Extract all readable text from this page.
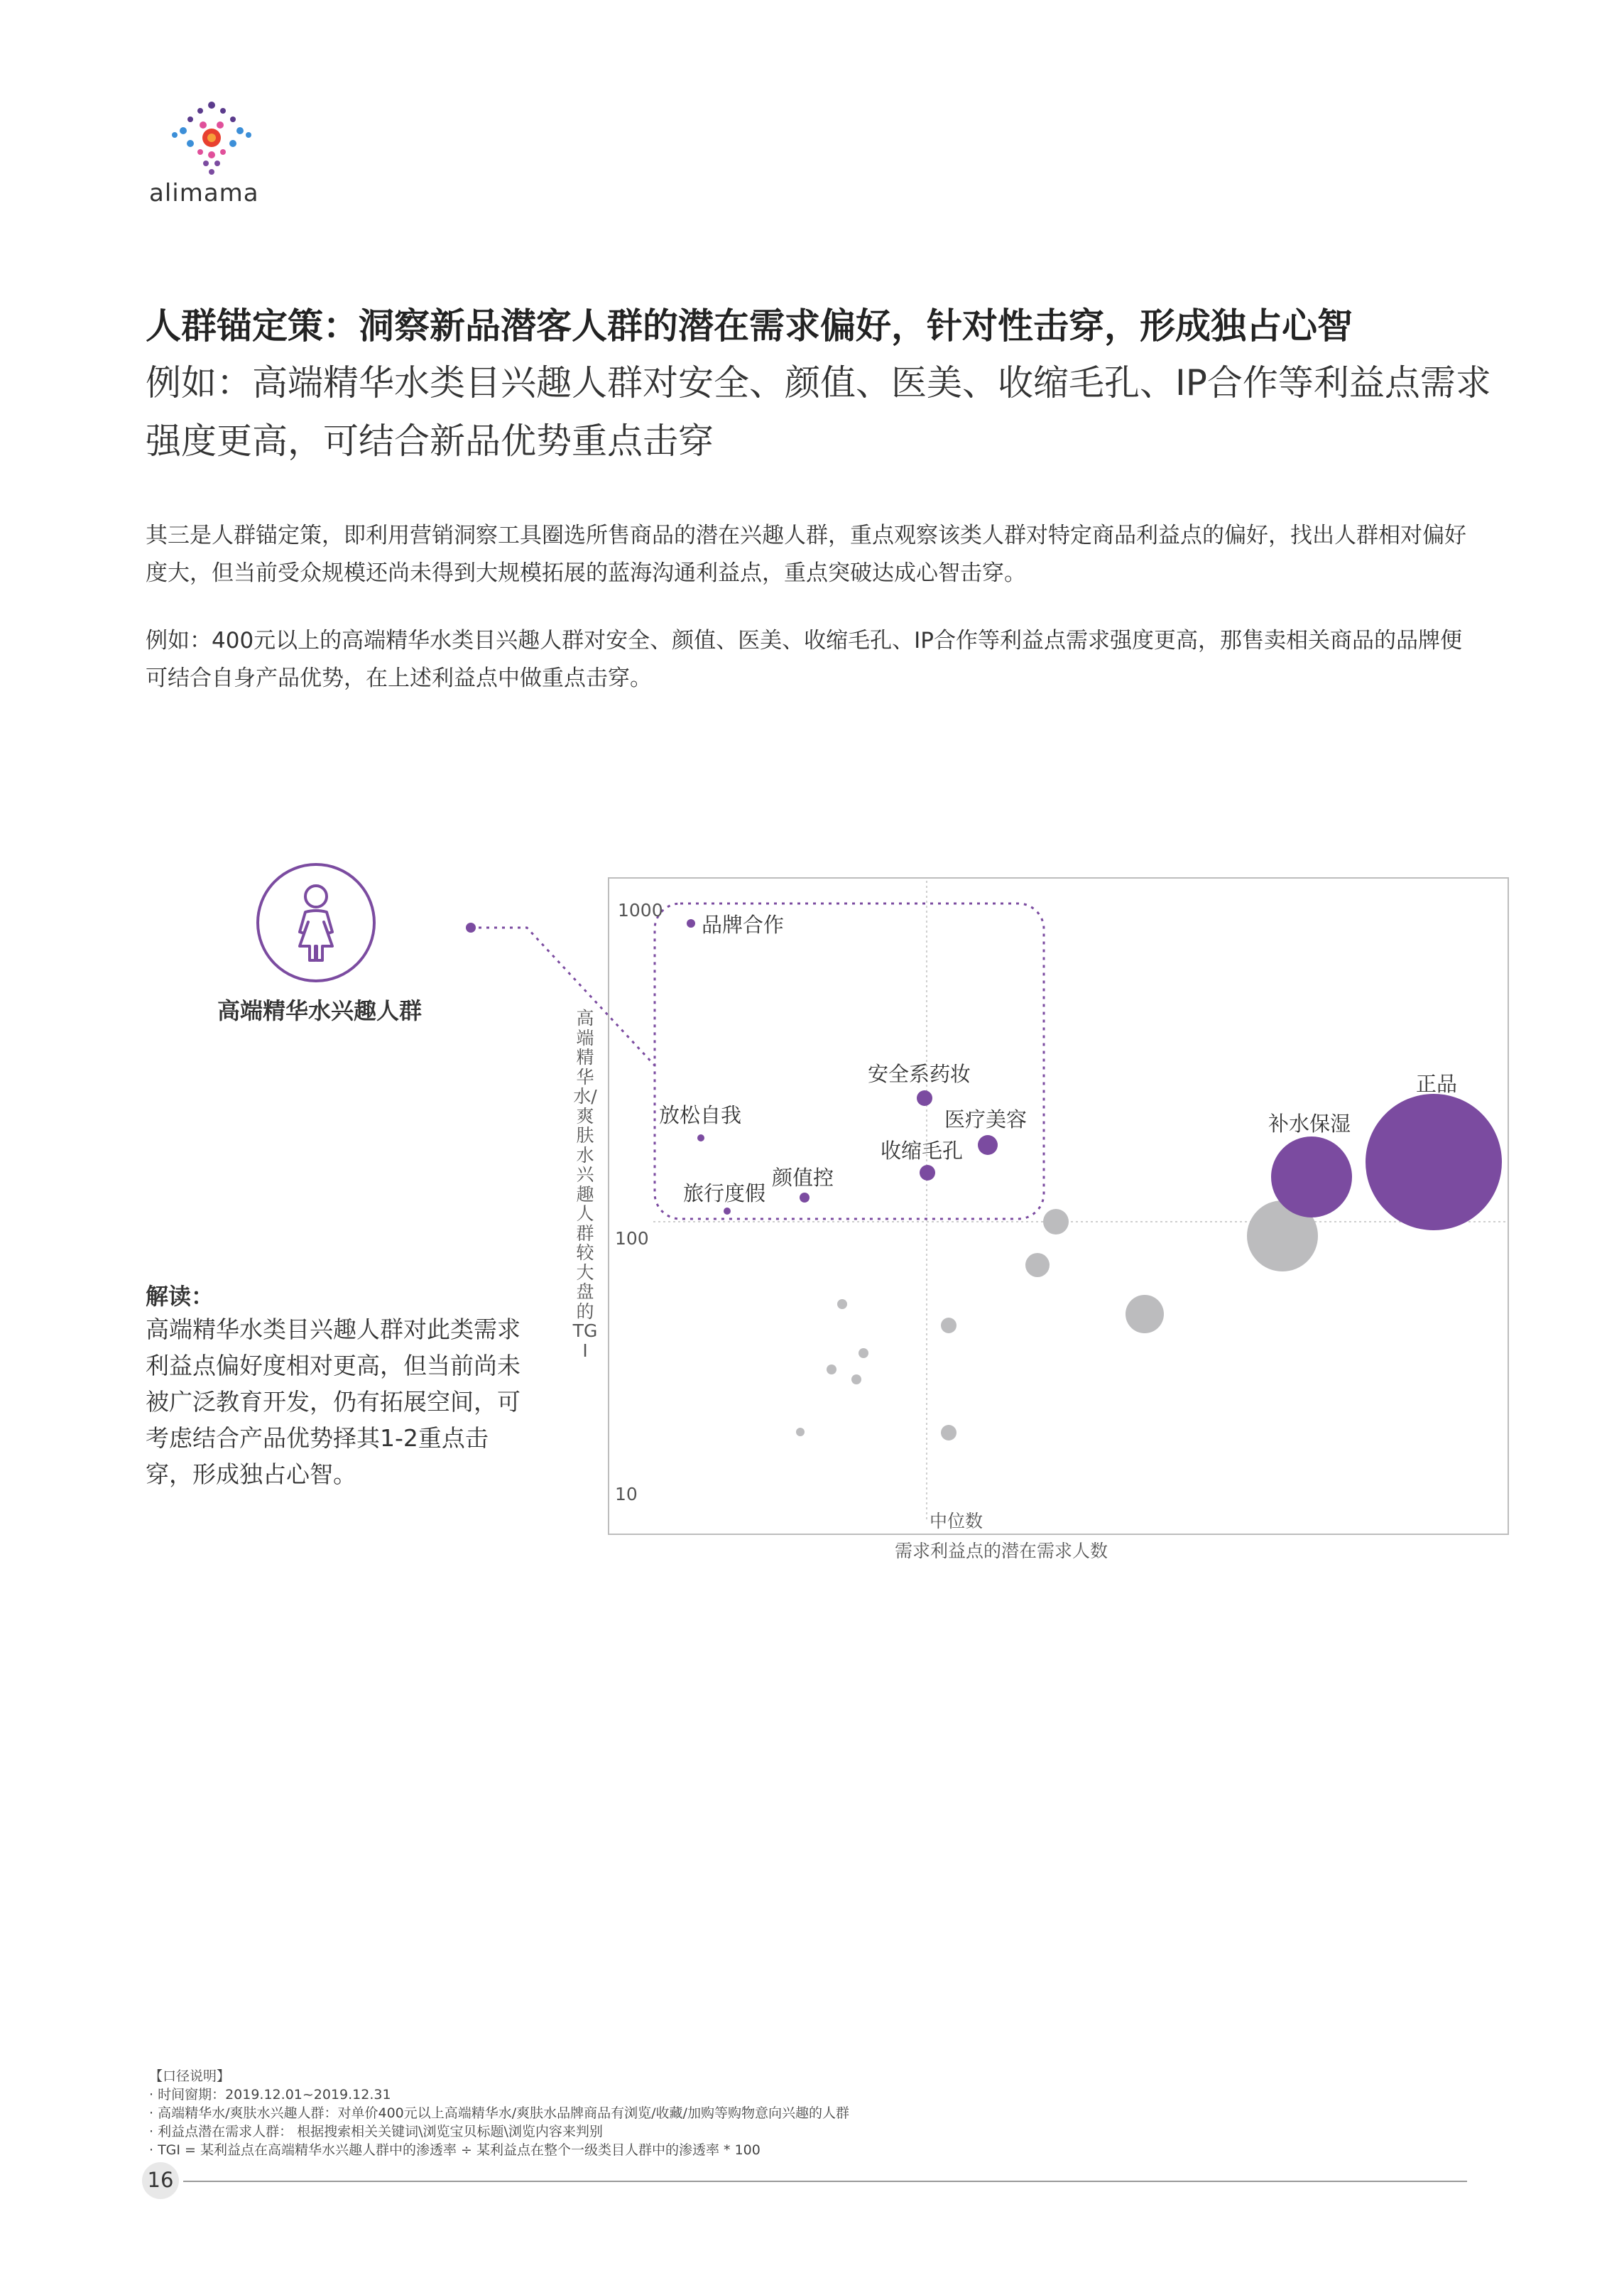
alimama
人群锚定策：洞察新品潜客人群的潜在需求偏好，针对性击穿，形成独占心智
例如：高端精华水类目兴趣人群对安全、颜值、医美、收缩毛孔、IP合作等利益点需求强度更高，可结合新品优势重点击穿
其三是人群锚定策，即利用营销洞察工具圈选所售商品的潜在兴趣人群，重点观察该类人群对特定商品利益点的偏好，找出人群相对偏好度大，但当前受众规模还尚未得到大规模拓展的蓝海沟通利益点，重点突破达成心智击穿。
例如：400元以上的高端精华水类目兴趣人群对安全、颜值、医美、收缩毛孔、IP合作等利益点需求强度更高，那售卖相关商品的品牌便可结合自身产品优势，在上述利益点中做重点击穿。
1000
100
10
品牌合作
安全系药妆
医疗美容
收缩毛孔
放松自我
颜值控
旅行度假
补水保湿
正品
中位数
需求利益点的潜在需求人数
高端精华水/爽肤水兴趣人群较大盘的TGI
高端精华水兴趣人群
解读：
高端精华水类目兴趣人群对此类需求利益点偏好度相对更高，但当前尚未被广泛教育开发，仍有拓展空间，可考虑结合产品优势择其1-2重点击穿，形成独占心智。
【口径说明】
· 时间窗期：2019.12.01~2019.12.31
· 高端精华水/爽肤水兴趣人群：对单价400元以上高端精华水/爽肤水品牌商品有浏览/收藏/加购等购物意向兴趣的人群
· 利益点潜在需求人群： 根据搜索相关关键词\浏览宝贝标题\浏览内容来判别
· TGI = 某利益点在高端精华水兴趣人群中的渗透率 ÷ 某利益点在整个一级类目人群中的渗透率 * 100
16
